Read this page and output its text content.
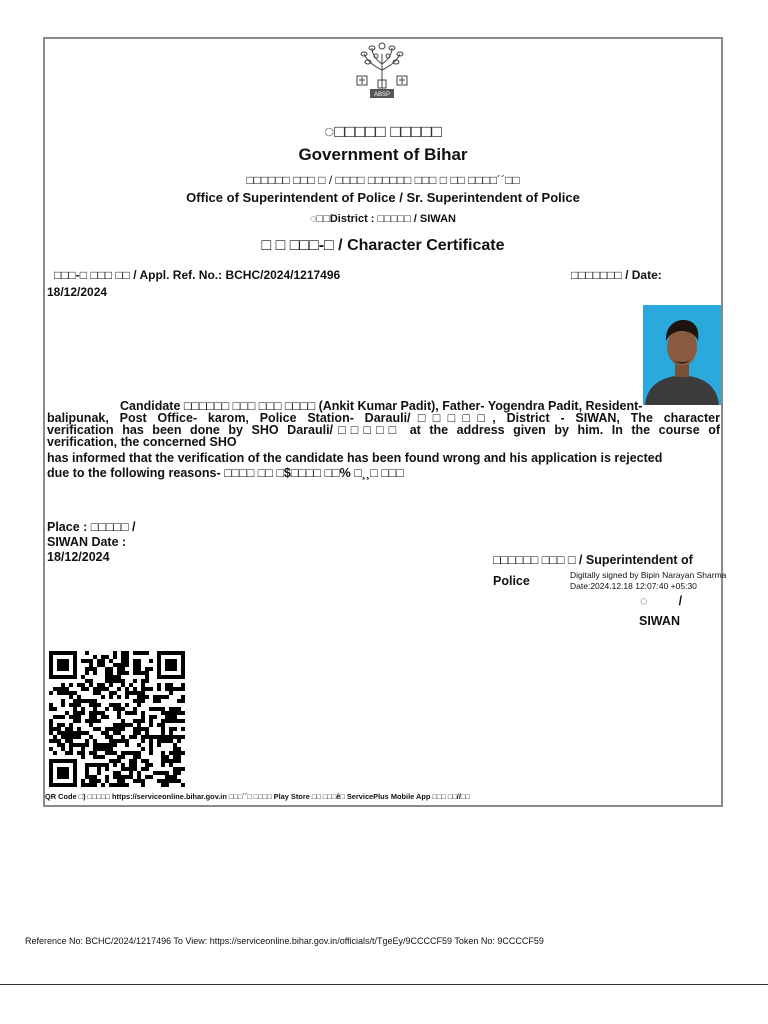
ABSP
◌□□□□□ □□□□□
Government of Bihar
□□□□□□ □□□ □ / □□□□ □□□□□□ □□□ □ □□ □□□□´´□□
Office of Superintendent of Police / Sr. Superintendent of Police
◌□□District : □□□□□ / SIWAN
□ □ □□□-□ / Character Certificate
□□□-□ □□□ □□ / Appl. Ref. No.: BCHC/2024/1217496	□□□□□□□ / Date:
18/12/2024
Candidate □□□□□□ □□□ □□□ □□□□ (Ankit Kumar Padit), Father- Yogendra Padit, Resident-
balipunak, Post Office- karom, Police Station- Darauli/□□□□□, District - SIWAN, The character
verification has been done by SHO Darauli/□□□□□ at the address given by him. In the course of
verification, the concerned SHO
has informed that the verification of the candidate has been found wrong and his application is rejected
due to the following reasons- □□□□ □□ □$□□□□ □□% □¸¸□ □□□
Place : □□□□□ /
SIWAN Date :
18/12/2024	□□□□□□ □□□ □ / Superintendent of
Police	Digitally signed by Bipin Narayan Sharma
Date:2024.12.18 12:07:40 +05:30
◌         /
SIWAN
QR Code □) □□□□□ https://serviceonline.bihar.gov.in □□□´´□ □□□□ Play Store □□ □□□ê□ ServicePlus Mobile App □□□ □□//□□
Reference No: BCHC/2024/1217496 To View: https://serviceonline.bihar.gov.in/officials/t/TgeEy/9CCCCF59 Token No: 9CCCCF59
